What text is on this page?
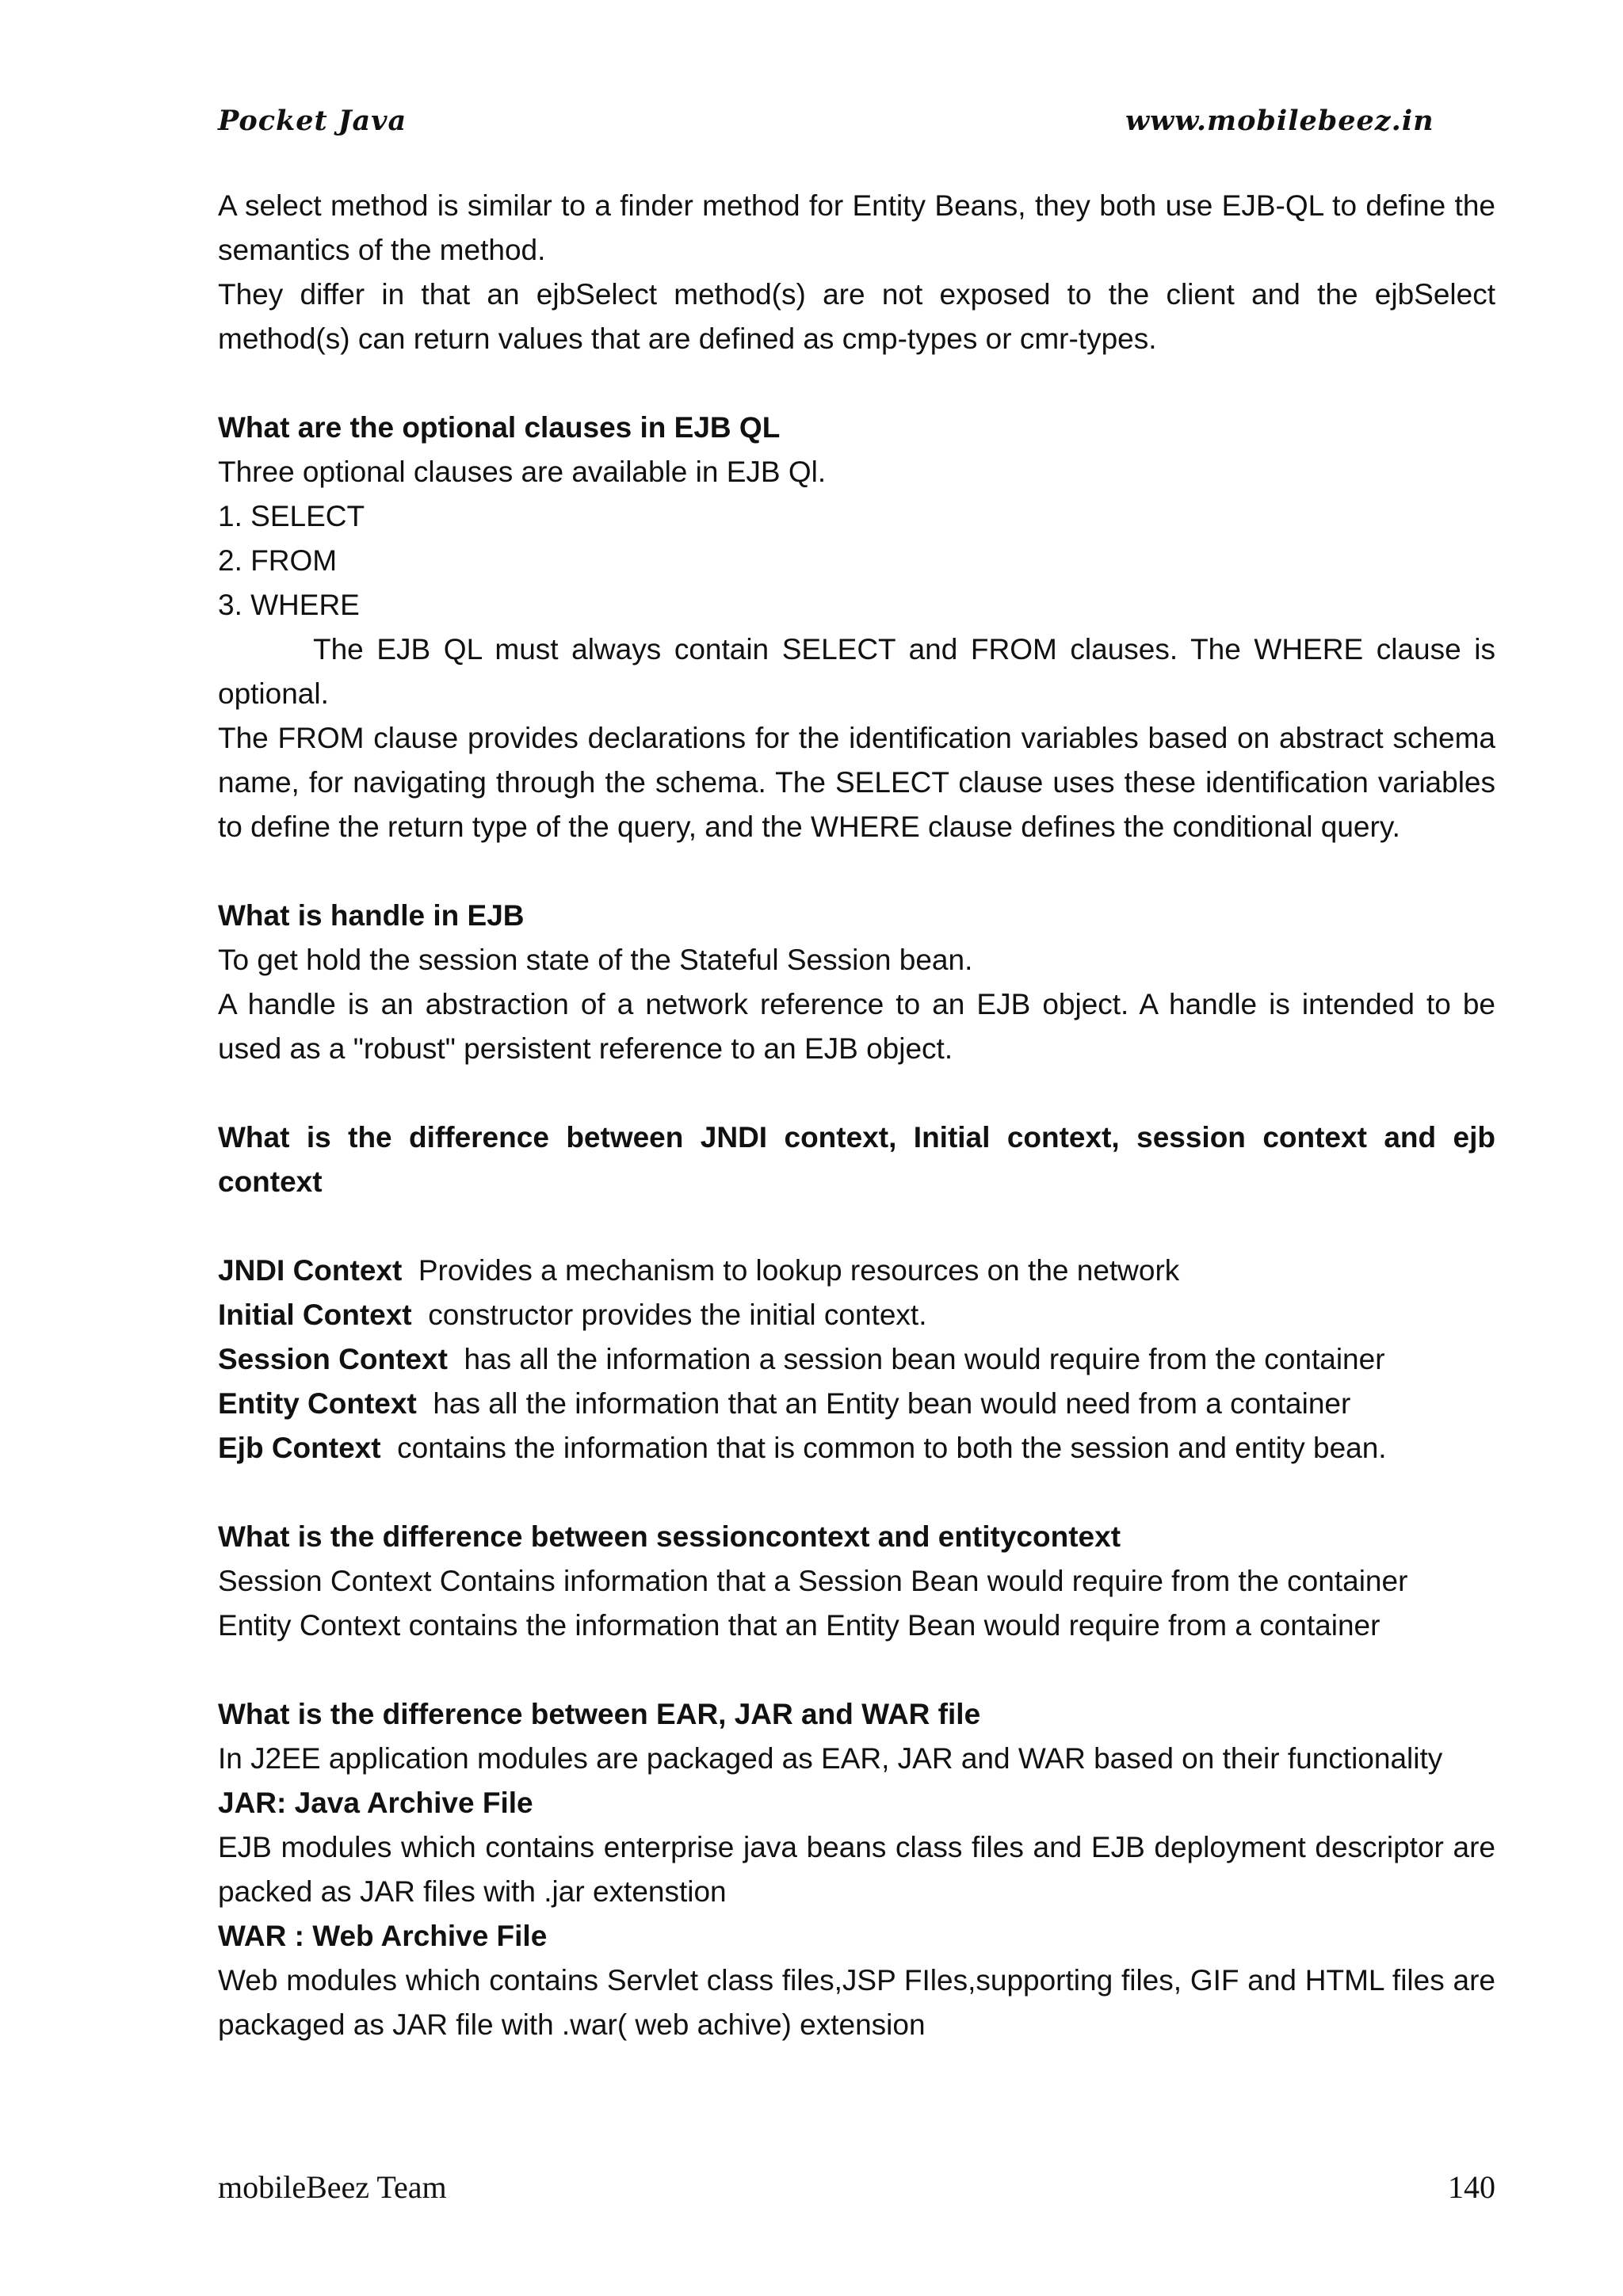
Pocket Java	www.mobilebeez.in

A select method is similar to a finder method for Entity Beans, they both use EJB-QL to define the semantics of the method.

They differ in that an ejbSelect method(s) are not exposed to the client and the ejbSelect method(s) can return values that are defined as cmp-types or cmr-types.

What are the optional clauses in EJB QL

Three optional clauses are available in EJB Ql.

1. SELECT

2. FROM

3. WHERE

The EJB QL must always contain SELECT and FROM clauses. The WHERE clause is optional.

The FROM clause provides declarations for the identification variables based on abstract schema name, for navigating through the schema. The SELECT clause uses these identification variables to define the return type of the query, and the WHERE clause defines the conditional query.

What is handle in EJB

To get hold the session state of the Stateful Session bean.

A handle is an abstraction of a network reference to an EJB object. A handle is intended to be used as a "robust" persistent reference to an EJB object.

What is the difference between JNDI context, Initial context, session context and ejb context

JNDI Context Provides a mechanism to lookup resources on the network

Initial Context constructor provides the initial context.

Session Context has all the information a session bean would require from the container

Entity Context has all the information that an Entity bean would need from a container

Ejb Context contains the information that is common to both the session and entity bean.

What is the difference between sessioncontext and entitycontext

Session Context Contains information that a Session Bean would require from the container

Entity Context contains the information that an Entity Bean would require from a container

What is the difference between EAR, JAR and WAR file

In J2EE application modules are packaged as EAR, JAR and WAR based on their functionality

JAR: Java Archive File

EJB modules which contains enterprise java beans class files and EJB deployment descriptor are packed as JAR files with .jar extenstion

WAR : Web Archive File

Web modules which contains Servlet class files,JSP FIles,supporting files, GIF and HTML files are packaged as JAR file with .war( web achive) extension

mobileBeez Team	140
